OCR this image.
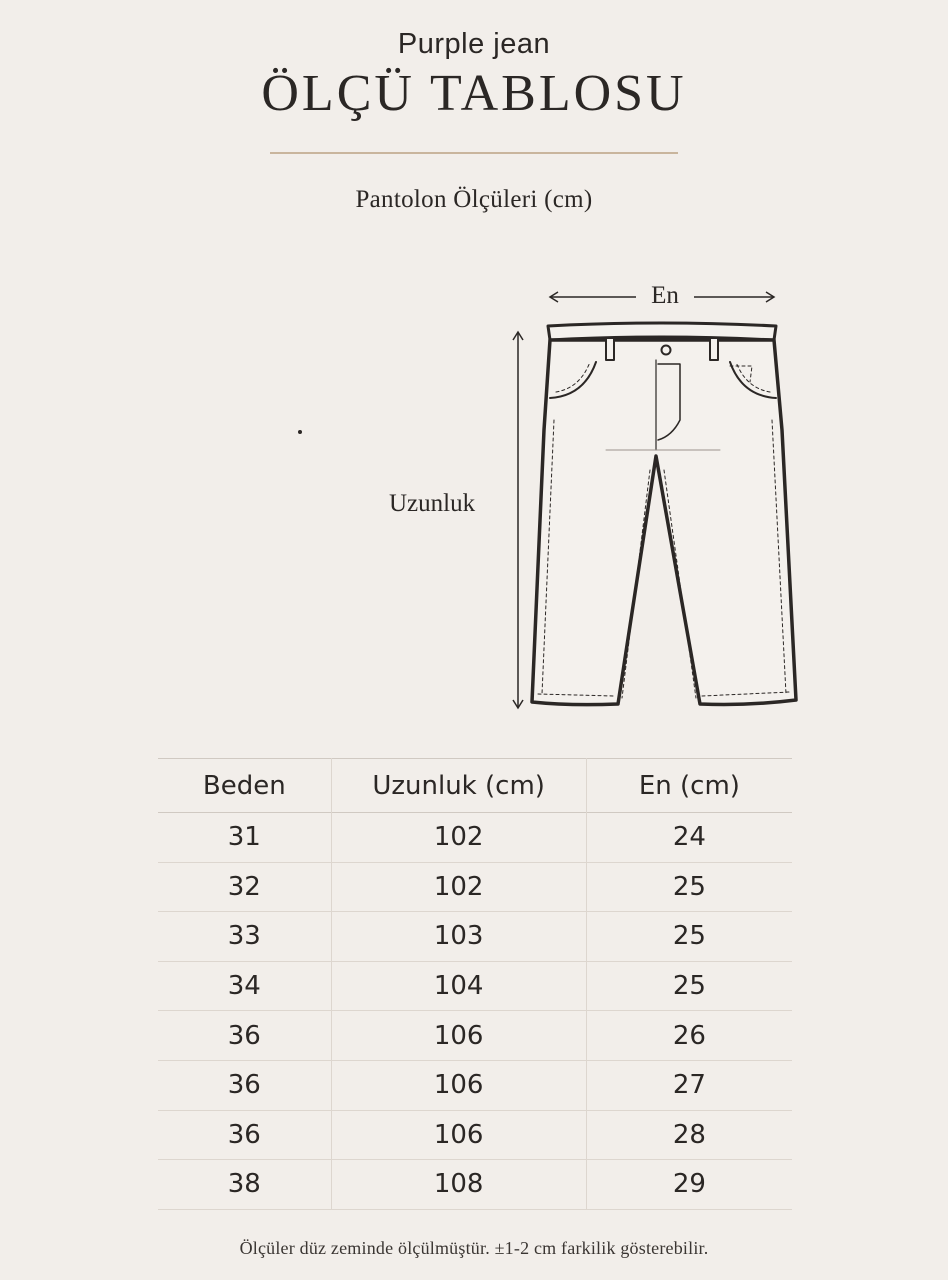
Purple jean
ÖLÇÜ TABLOSU
Pantolon Ölçüleri (cm)
En
Uzunluk
Beden	Uzunluk (cm)	En (cm)
31	102	24
32	102	25
33	103	25
34	104	25
36	106	26
36	106	27
36	106	28
38	108	29
Ölçüler düz zeminde ölçülmüştür. ±1-2 cm farkilik gösterebilir.
